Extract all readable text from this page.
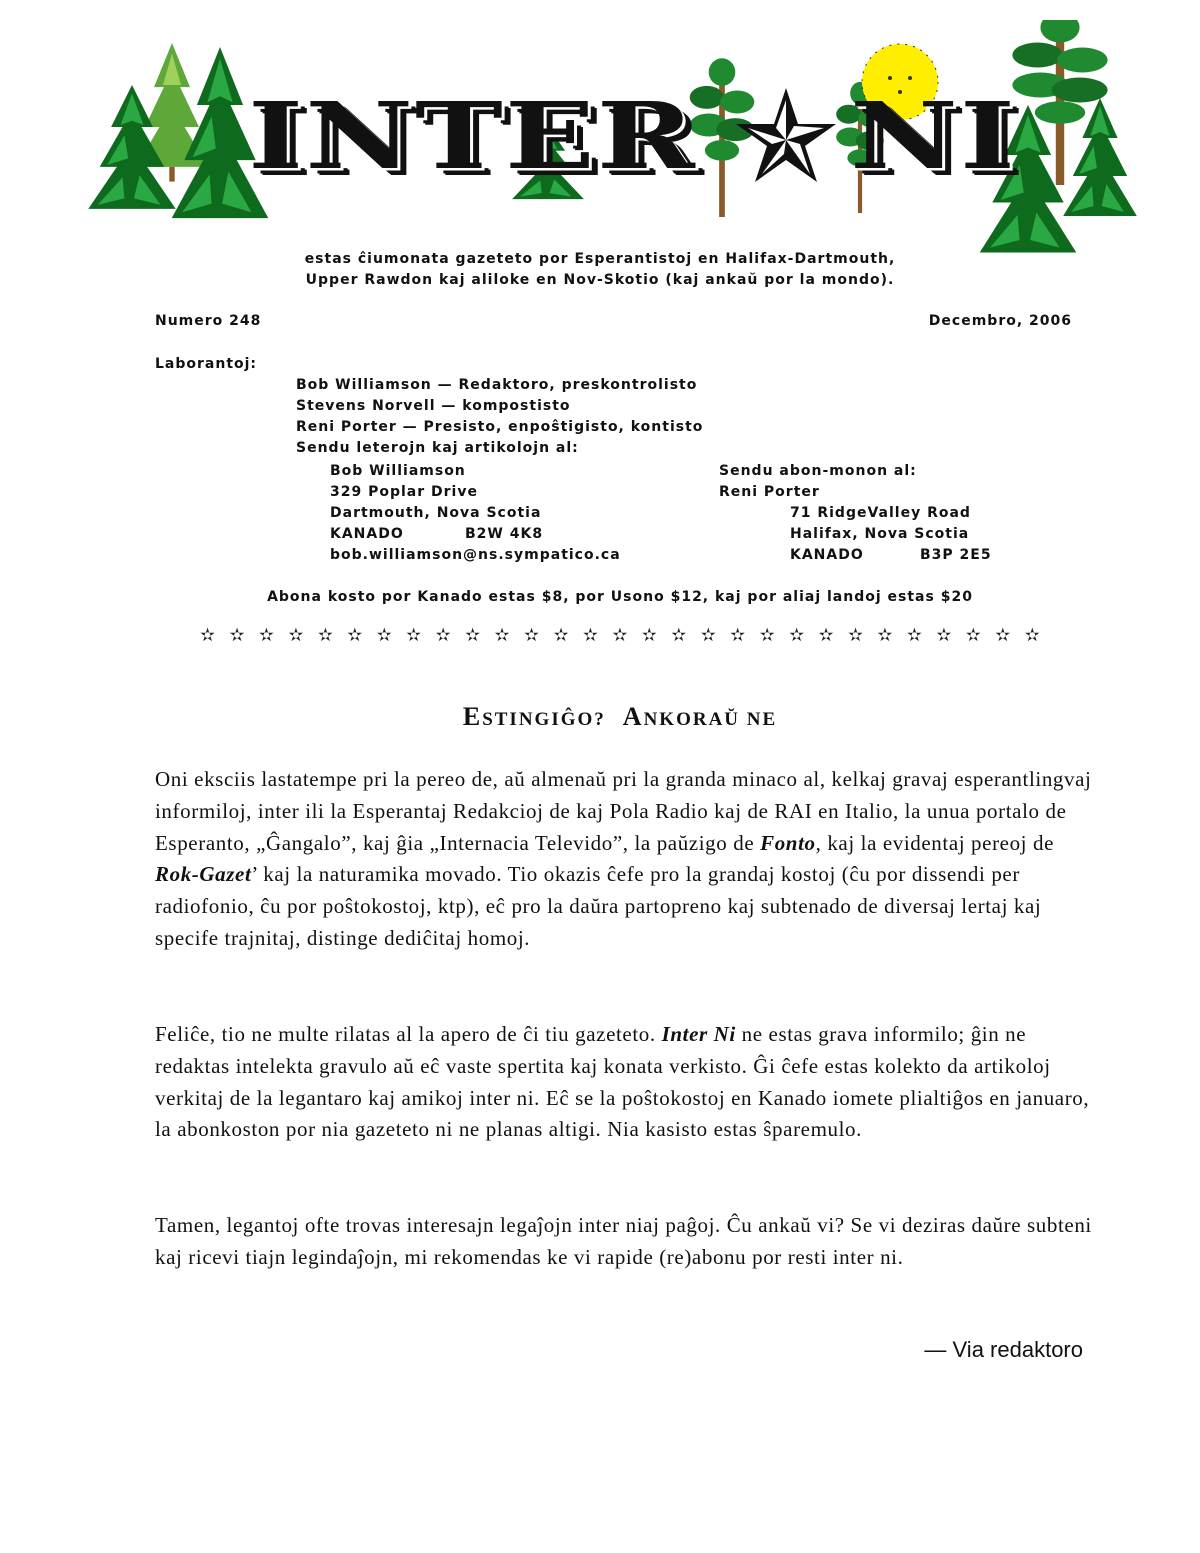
INTER NI
estas ĉiumonata gazeteto por Esperantistoj en Halifax-Dartmouth,
Upper Rawdon kaj aliloke en Nov-Skotio (kaj ankaŭ por la mondo).
Numero 248	Decembro, 2006
Laborantoj:
Bob Williamson — Redaktoro, preskontrolisto
Stevens Norvell — kompostisto
Reni Porter — Presisto, enpoŝtigisto, kontisto
Sendu leterojn kaj artikolojn al:
Bob Williamson
329 Poplar Drive
Dartmouth, Nova Scotia
KANADO	B2W 4K8
bob.williamson@ns.sympatico.ca
Sendu abon-monon al:
Reni Porter
71 RidgeValley Road
Halifax, Nova Scotia
KANADO	B3P 2E5
Abona kosto por Kanado estas $8, por Usono $12, kaj por aliaj landoj estas $20
✫ ✫ ✫ ✫ ✫ ✫ ✫ ✫ ✫ ✫ ✫ ✫ ✫ ✫ ✫ ✫ ✫ ✫ ✫ ✫ ✫ ✫ ✫ ✫ ✫ ✫ ✫ ✫ ✫
ESTINGIĜO? ANKORAŬ NE
Oni eksciis lastatempe pri la pereo de, aŭ almenaŭ pri la granda minaco al, kelkaj gravaj esperantlingvaj informiloj, inter ili la Esperantaj Redakcioj de kaj Pola Radio kaj de RAI en Italio, la unua portalo de Esperanto, „Ĝangalo”, kaj ĝia „Internacia Televido”, la paŭzigo de Fonto, kaj la evidentaj pereoj de Rok-Gazet’ kaj la naturamika movado. Tio okazis ĉefe pro la grandaj kostoj (ĉu por dissendi per radiofonio, ĉu por poŝtokostoj, ktp), eĉ pro la daŭra partopreno kaj subtenado de diversaj lertaj kaj specife trajnitaj, distinge dediĉitaj homoj.
Feliĉe, tio ne multe rilatas al la apero de ĉi tiu gazeteto. Inter Ni ne estas grava informilo; ĝin ne redaktas intelekta gravulo aŭ eĉ vaste spertita kaj konata verkisto. Ĝi ĉefe estas kolekto da artikoloj verkitaj de la legantaro kaj amikoj inter ni. Eĉ se la poŝtokostoj en Kanado iomete plialtiĝos en januaro, la abonkoston por nia gazeteto ni ne planas altigi. Nia kasisto estas ŝparemulo.
Tamen, legantoj ofte trovas interesajn legaĵojn inter niaj paĝoj. Ĉu ankaŭ vi? Se vi deziras daŭre subteni kaj ricevi tiajn legindaĵojn, mi rekomendas ke vi rapide (re)abonu por resti inter ni.
— Via redaktoro
